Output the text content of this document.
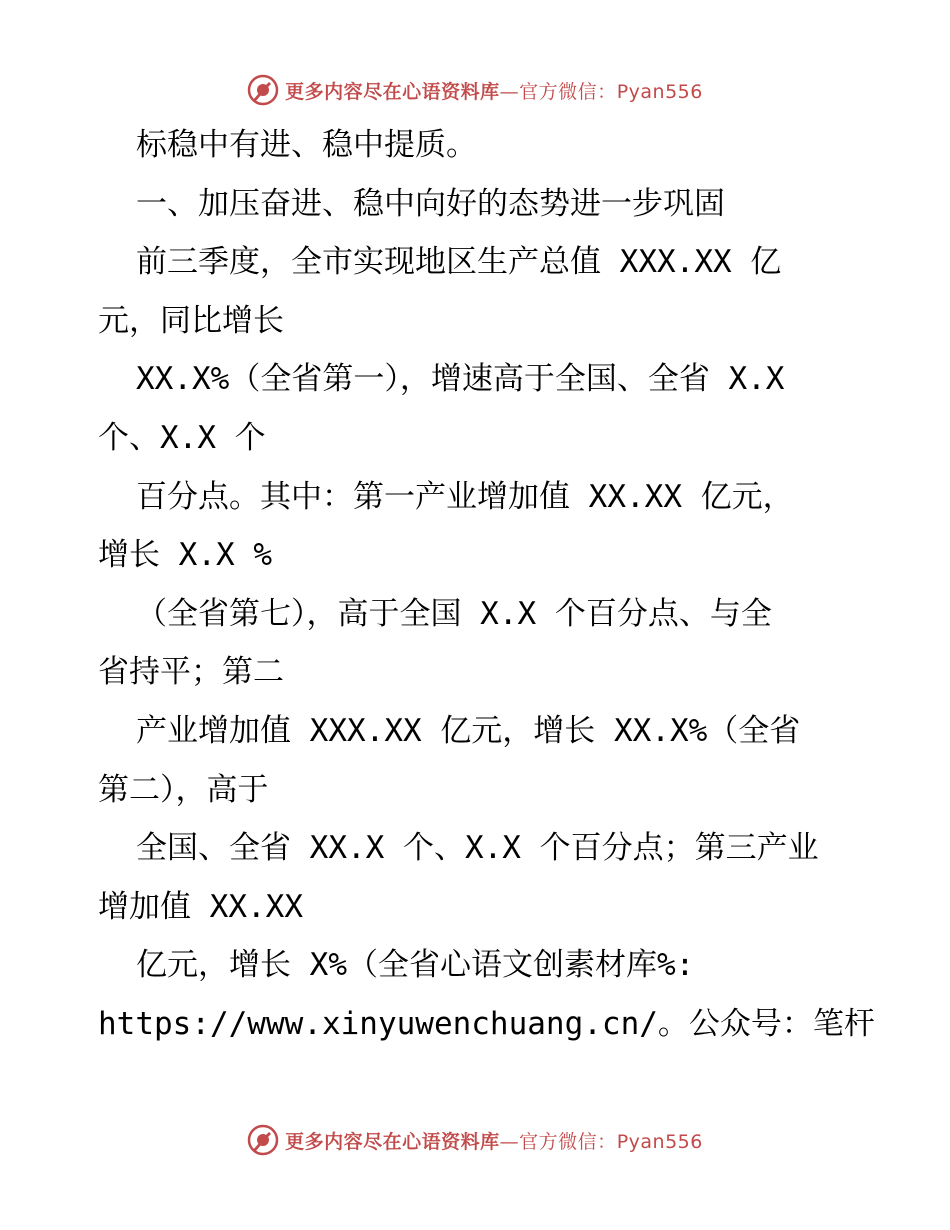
更多内容尽在心语资料库—官方微信：Pyan556
标稳中有进、稳中提质。
一、加压奋进、稳中向好的态势进一步巩固
前三季度，全市实现地区生产总值 XXX.XX 亿
元，同比增长
XX.X%（全省第一），增速高于全国、全省 X.X
个、X.X 个
百分点。其中：第一产业增加值 XX.XX 亿元，
增长 X.X %
（全省第七），高于全国 X.X 个百分点、与全
省持平；第二
产业增加值 XXX.XX 亿元，增长 XX.X%（全省
第二），高于
全国、全省 XX.X 个、X.X 个百分点；第三产业
增加值 XX.XX
亿元，增长 X%（全省心语文创素材库%:
https://www.xinyuwenchuang.cn/。公众号：笔杆
更多内容尽在心语资料库—官方微信：Pyan556
